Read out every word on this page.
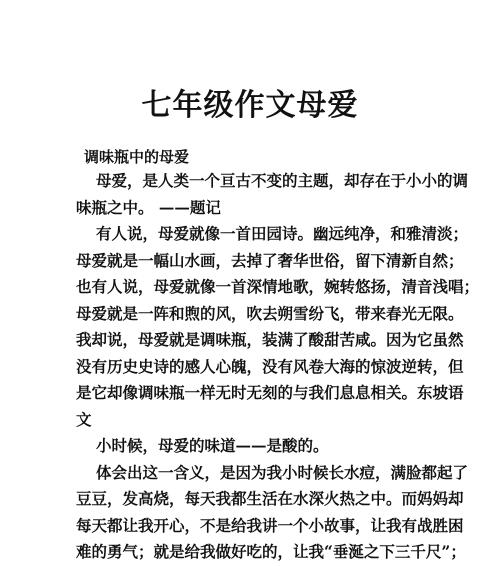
七年级作文母爱
调味瓶中的母爱
母爱，是人类一个亘古不变的主题，却存在于小小的调
味瓶之中。 ——题记
有人说，母爱就像一首田园诗。幽远纯净，和雅清淡；
母爱就是一幅山水画，去掉了奢华世俗，留下清新自然；
也有人说，母爱就像一首深情地歌，婉转悠扬，清音浅唱；
母爱就是一阵和煦的风，吹去朔雪纷飞，带来春光无限。
我却说，母爱就是调味瓶，装满了酸甜苦咸。因为它虽然
没有历史史诗的感人心魄，没有风卷大海的惊波逆转，但
是它却像调味瓶一样无时无刻的与我们息息相关。东坡语
文
小时候，母爱的味道——是酸的。
体会出这一含义，是因为我小时候长水痘，满脸都起了
豆豆，发高烧，每天我都生活在水深火热之中。而妈妈却
每天都让我开心，不是给我讲一个小故事，让我有战胜困
难的勇气；就是给我做好吃的，让我“垂涎之下三千尺”；
